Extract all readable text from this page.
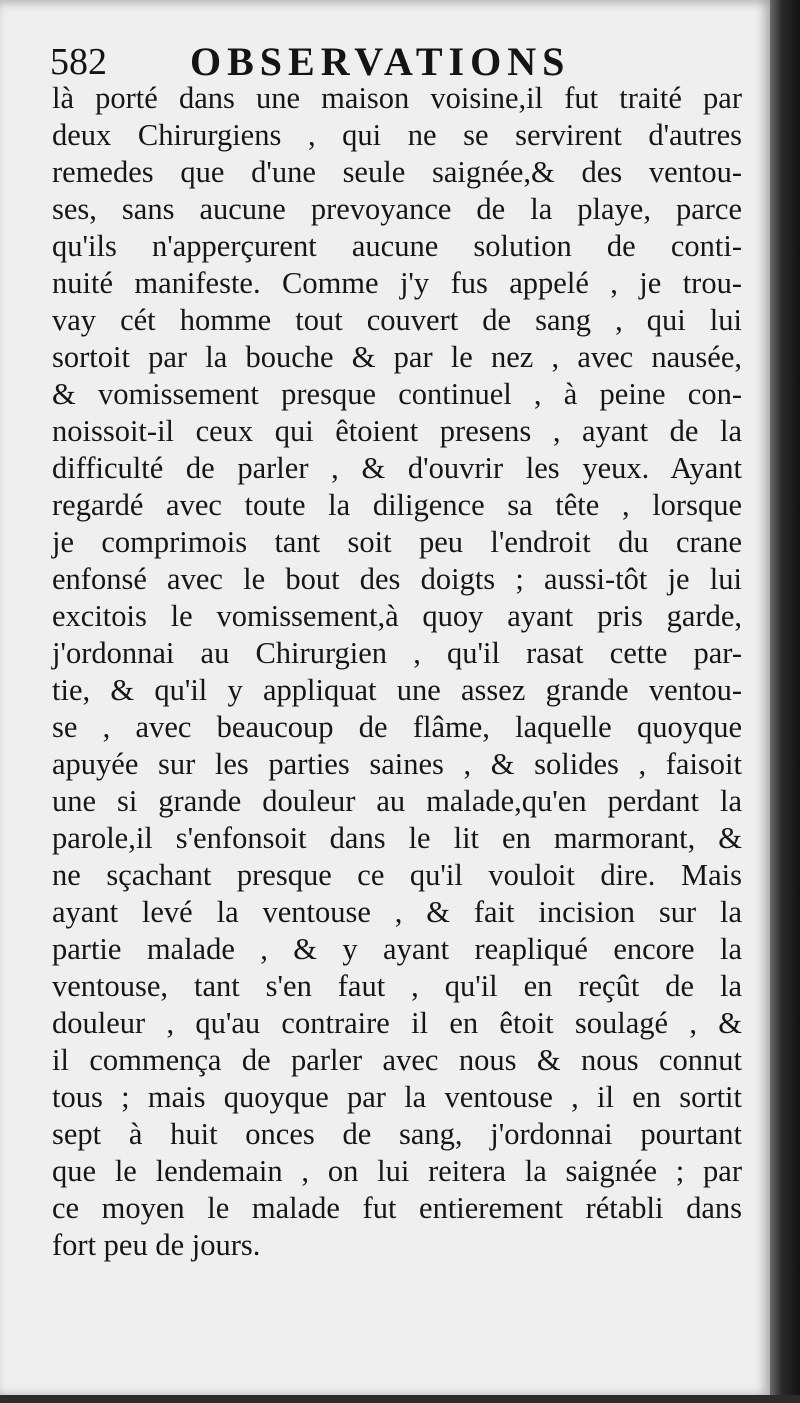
582 OBSERVATIONS
là porté dans une maison voisine,il fut traité par
deux Chirurgiens , qui ne se servirent d'autres
remedes que d'une seule saignée,& des ventou-
ses, sans aucune prevoyance de la playe, parce
qu'ils n'apperçurent aucune solution de conti-
nuité manifeste. Comme j'y fus appelé , je trou-
vay cét homme tout couvert de sang , qui lui
sortoit par la bouche & par le nez , avec nausée,
& vomissement presque continuel , à peine con-
noissoit-il ceux qui êtoient presens , ayant de la
difficulté de parler , & d'ouvrir les yeux. Ayant
regardé avec toute la diligence sa tête , lorsque
je comprimois tant soit peu l'endroit du crane
enfonsé avec le bout des doigts ; aussi-tôt je lui
excitois le vomissement,à quoy ayant pris garde,
j'ordonnai au Chirurgien , qu'il rasat cette par-
tie, & qu'il y appliquat une assez grande ventou-
se , avec beaucoup de flâme, laquelle quoyque
apuyée sur les parties saines , & solides , faisoit
une si grande douleur au malade,qu'en perdant la
parole,il s'enfonsoit dans le lit en marmorant, &
ne sçachant presque ce qu'il vouloit dire. Mais
ayant levé la ventouse , & fait incision sur la
partie malade , & y ayant reapliqué encore la
ventouse, tant s'en faut , qu'il en reçût de la
douleur , qu'au contraire il en êtoit soulagé , &
il commença de parler avec nous & nous connut
tous ; mais quoyque par la ventouse , il en sortit
sept à huit onces de sang, j'ordonnai pourtant
que le lendemain , on lui reitera la saignée ; par
ce moyen le malade fut entierement rétabli dans
fort peu de jours.
